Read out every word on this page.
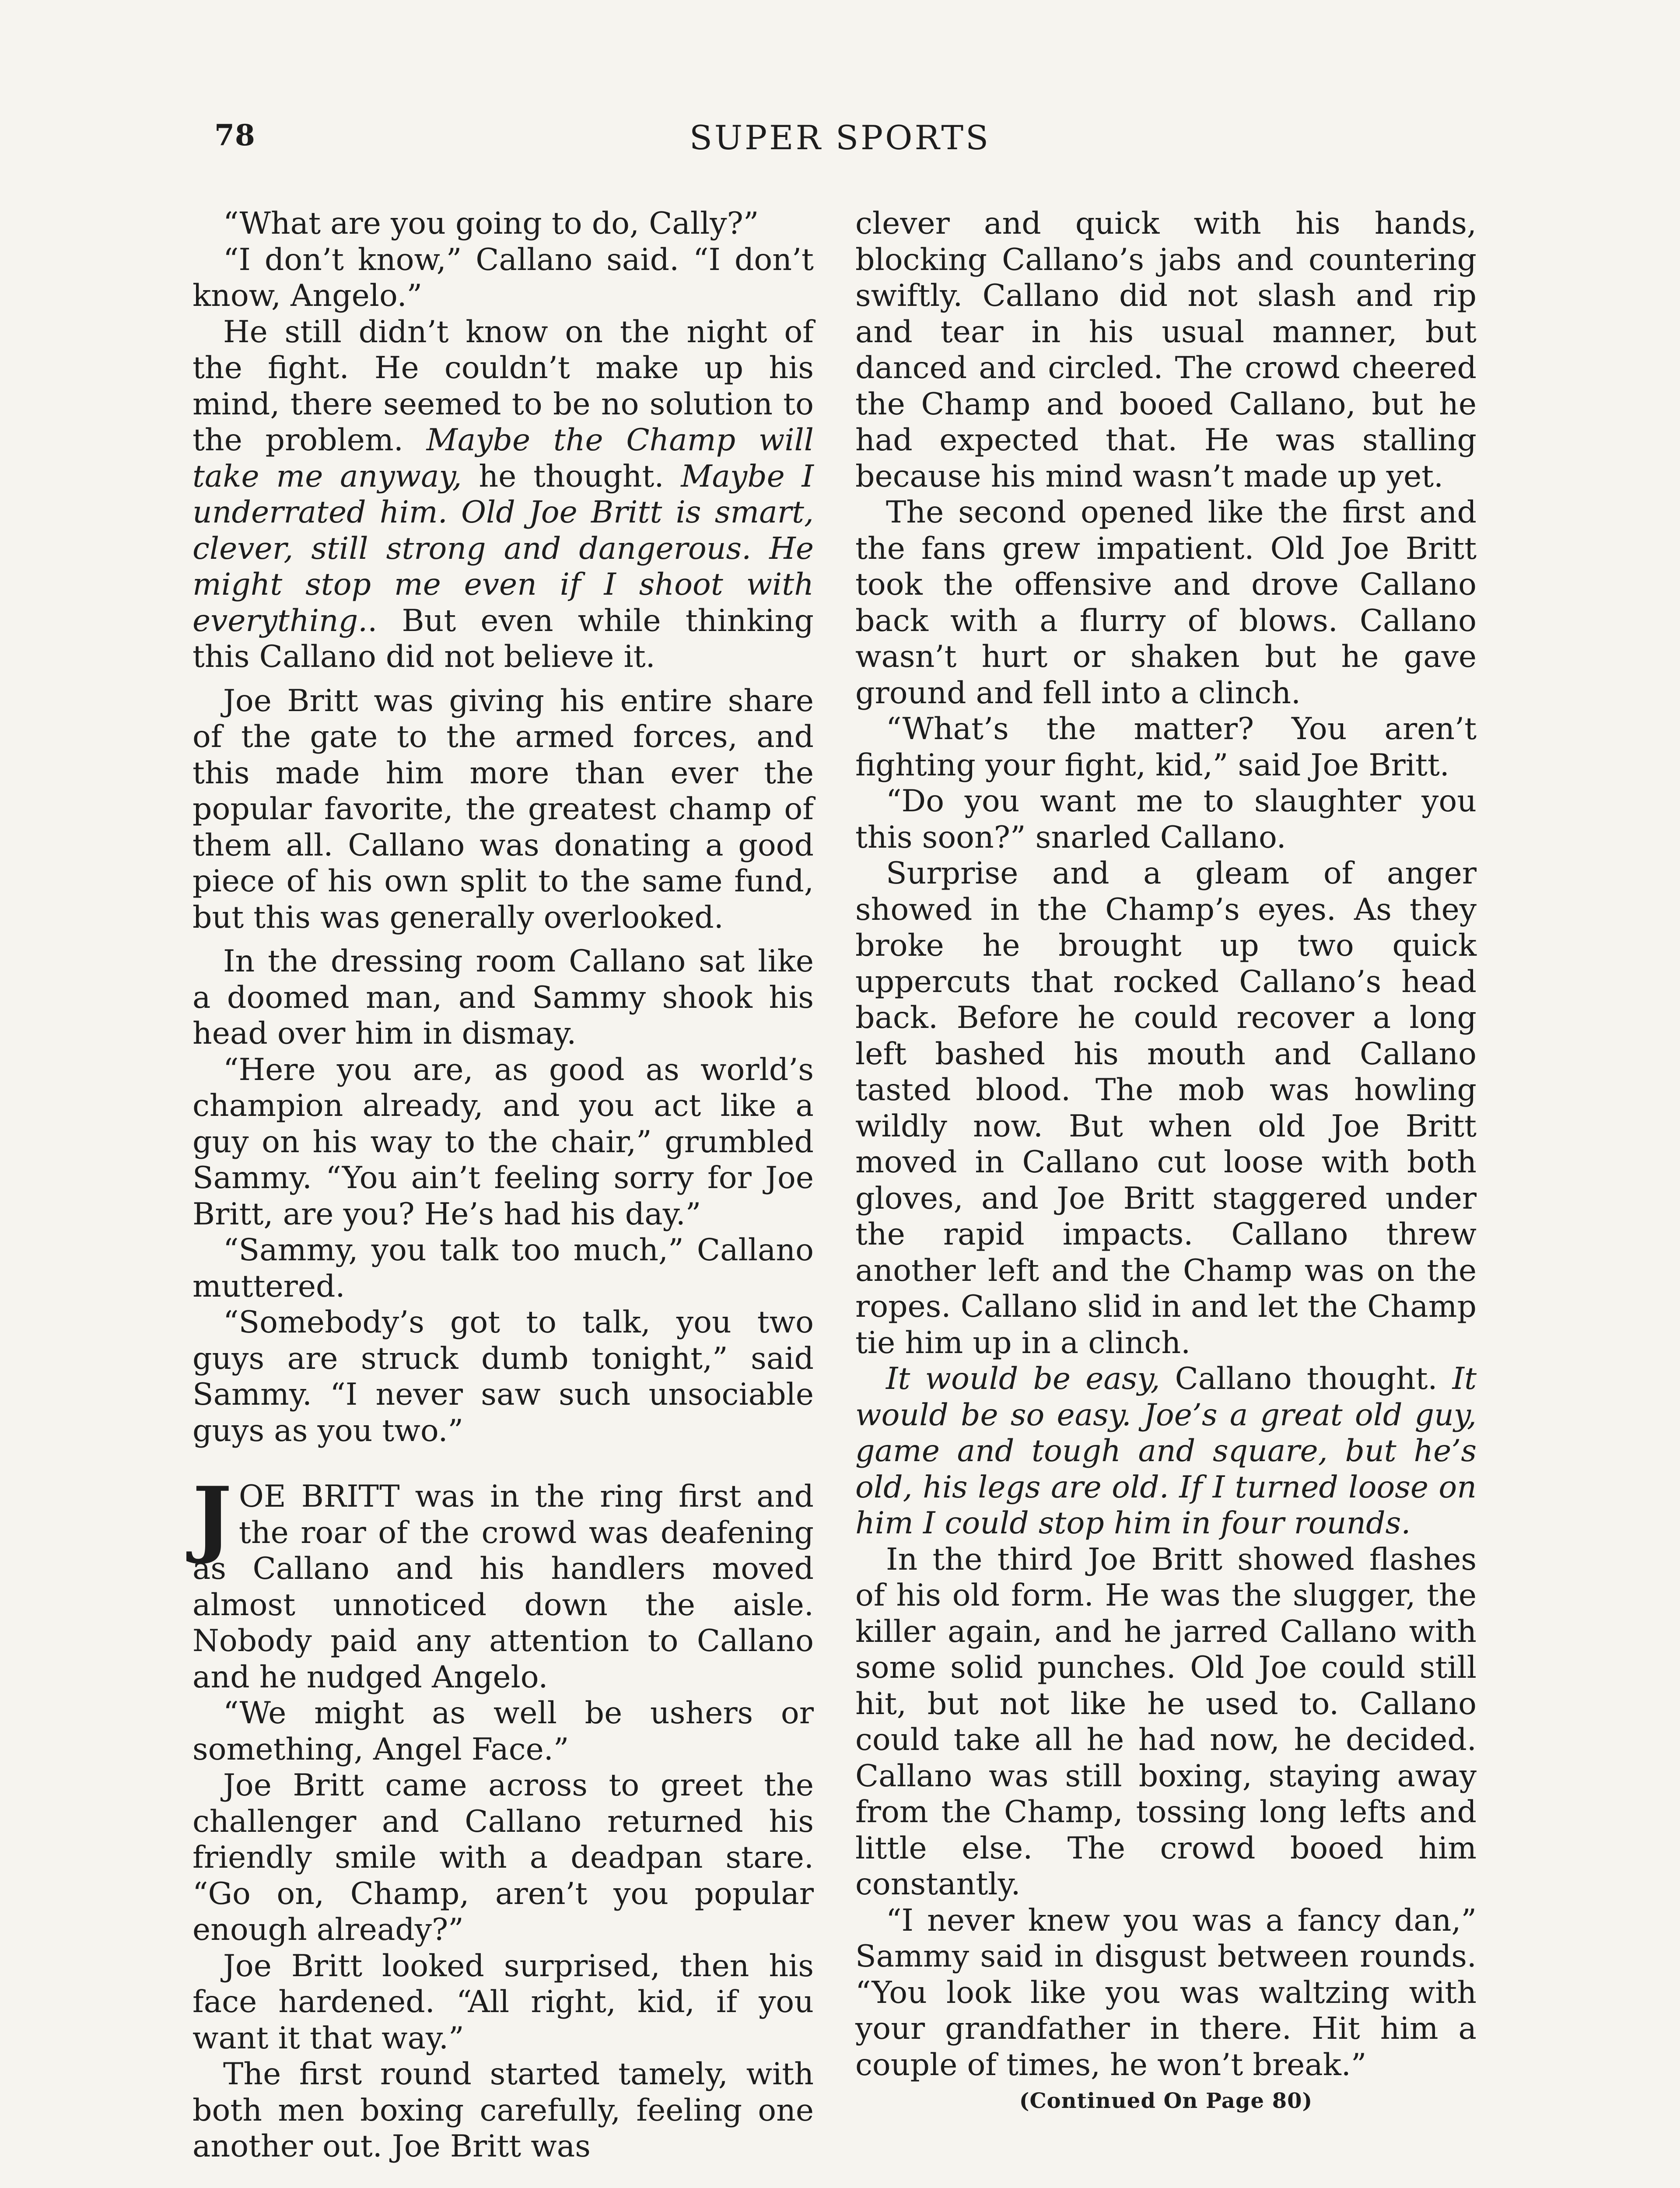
78	SUPER SPORTS

“What are you going to do, Cally?”

“I don’t know,” Callano said. “I don’t know, Angelo.”

He still didn’t know on the night of the fight. He couldn’t make up his mind, there seemed to be no solution to the problem. Maybe the Champ will take me anyway, he thought. Maybe I underrated him. Old Joe Britt is smart, clever, still strong and dangerous. He might stop me even if I shoot with everything.. But even while thinking this Callano did not believe it.

Joe Britt was giving his entire share of the gate to the armed forces, and this made him more than ever the popular favorite, the greatest champ of them all. Callano was donating a good piece of his own split to the same fund, but this was generally overlooked.

In the dressing room Callano sat like a doomed man, and Sammy shook his head over him in dismay.

“Here you are, as good as world’s champion already, and you act like a guy on his way to the chair,” grumbled Sammy. “You ain’t feeling sorry for Joe Britt, are you? He’s had his day.”

“Sammy, you talk too much,” Callano muttered.

“Somebody’s got to talk, you two guys are struck dumb tonight,” said Sammy. “I never saw such unsociable guys as you two.”

JOE BRITT was in the ring first and the roar of the crowd was deafening as Callano and his handlers moved almost unnoticed down the aisle. Nobody paid any attention to Callano and he nudged Angelo.

“We might as well be ushers or something, Angel Face.”

Joe Britt came across to greet the challenger and Callano returned his friendly smile with a deadpan stare. “Go on, Champ, aren’t you popular enough already?”

Joe Britt looked surprised, then his face hardened. “All right, kid, if you want it that way.”

The first round started tamely, with both men boxing carefully, feeling one another out. Joe Britt was

clever and quick with his hands, blocking Callano’s jabs and countering swiftly. Callano did not slash and rip and tear in his usual manner, but danced and circled. The crowd cheered the Champ and booed Callano, but he had expected that. He was stalling because his mind wasn’t made up yet.

The second opened like the first and the fans grew impatient. Old Joe Britt took the offensive and drove Callano back with a flurry of blows. Callano wasn’t hurt or shaken but he gave ground and fell into a clinch.

“What’s the matter? You aren’t fighting your fight, kid,” said Joe Britt.

“Do you want me to slaughter you this soon?” snarled Callano.

Surprise and a gleam of anger showed in the Champ’s eyes. As they broke he brought up two quick uppercuts that rocked Callano’s head back. Before he could recover a long left bashed his mouth and Callano tasted blood. The mob was howling wildly now. But when old Joe Britt moved in Callano cut loose with both gloves, and Joe Britt staggered under the rapid impacts. Callano threw another left and the Champ was on the ropes. Callano slid in and let the Champ tie him up in a clinch.

It would be easy, Callano thought. It would be so easy. Joe’s a great old guy, game and tough and square, but he’s old, his legs are old. If I turned loose on him I could stop him in four rounds.

In the third Joe Britt showed flashes of his old form. He was the slugger, the killer again, and he jarred Callano with some solid punches. Old Joe could still hit, but not like he used to. Callano could take all he had now, he decided. Callano was still boxing, staying away from the Champ, tossing long lefts and little else. The crowd booed him constantly.

“I never knew you was a fancy dan,” Sammy said in disgust between rounds. “You look like you was waltzing with your grandfather in there. Hit him a couple of times, he won’t break.”

(Continued On Page 80)
